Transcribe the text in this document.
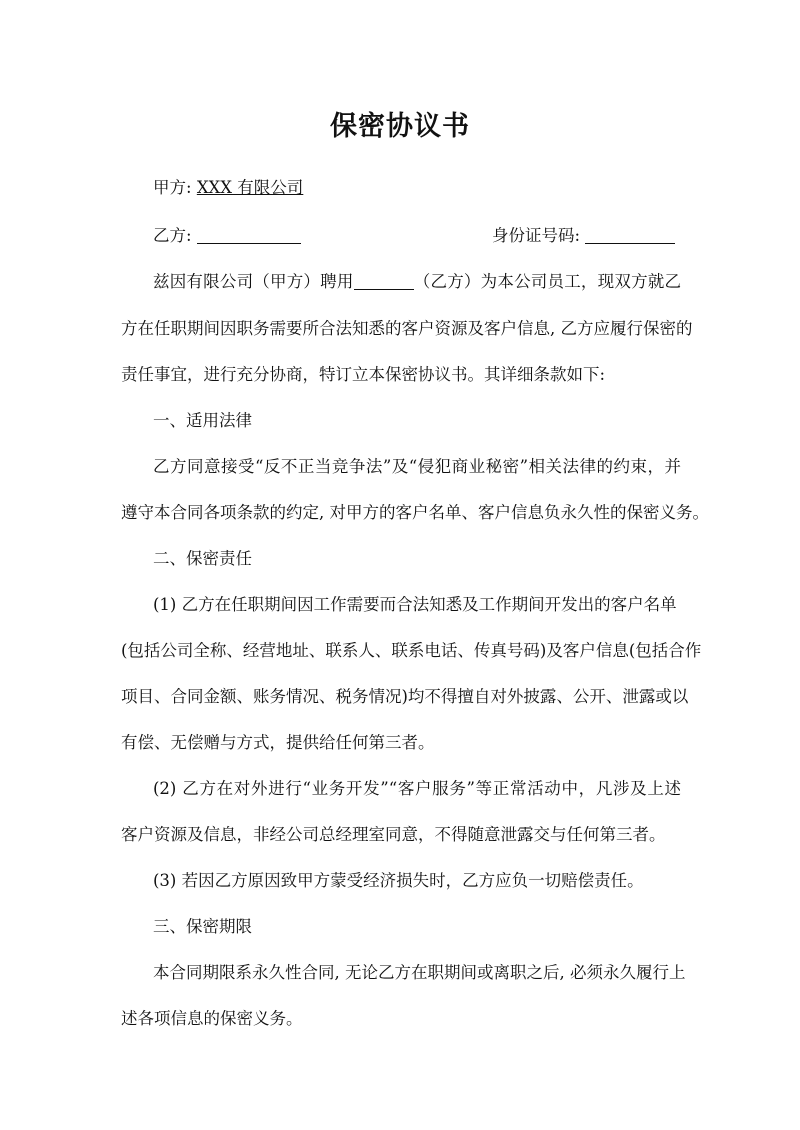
保密协议书
甲方: XXX 有限公司
乙方:	身份证号码:
兹因有限公司（甲方）聘用	（乙方）为本公司员工，现双方就乙
方在任职期间因职务需要所合法知悉的客户资源及客户信息, 乙方应履行保密的
责任事宜，进行充分协商，特订立本保密协议书。其详细条款如下:
一、适用法律
乙方同意接受“反不正当竞争法”及“侵犯商业秘密”相关法律的约束，并
遵守本合同各项条款的约定, 对甲方的客户名单、客户信息负永久性的保密义务。
二、保密责任
(1) 乙方在任职期间因工作需要而合法知悉及工作期间开发出的客户名单
(包括公司全称、经营地址、联系人、联系电话、传真号码)及客户信息(包括合作
项目、合同金额、账务情况、税务情况)均不得擅自对外披露、公开、泄露或以
有偿、无偿赠与方式，提供给任何第三者。
(2) 乙方在对外进行“业务开发”“客户服务”等正常活动中，凡涉及上述
客户资源及信息，非经公司总经理室同意，不得随意泄露交与任何第三者。
(3) 若因乙方原因致甲方蒙受经济损失时，乙方应负一切赔偿责任。
三、保密期限
本合同期限系永久性合同, 无论乙方在职期间或离职之后, 必须永久履行上
述各项信息的保密义务。
